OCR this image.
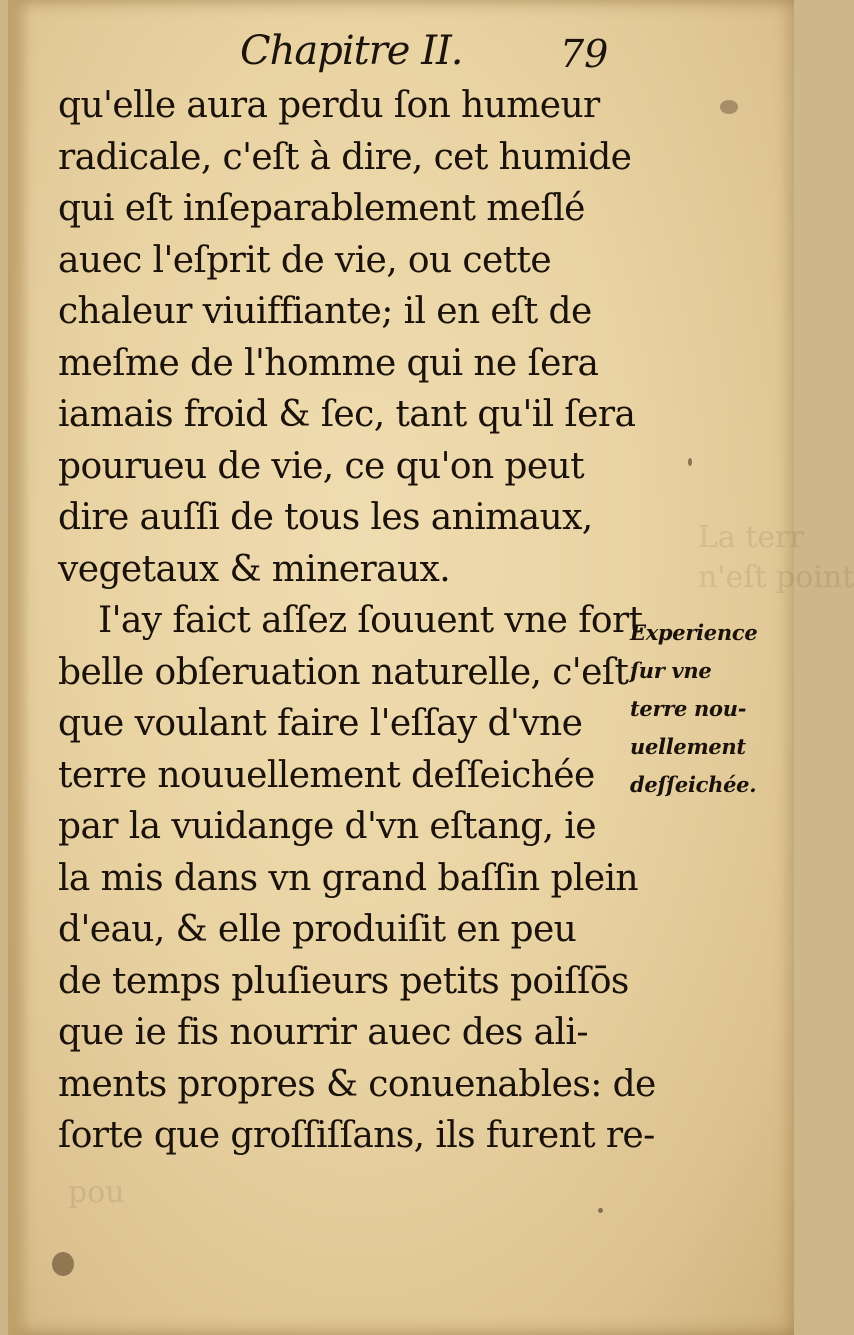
La terr
n'eſt point
pou
Chapitre II.	79
qu'elle aura perdu ſon humeur
radicale, c'eſt à dire, cet humide
qui eſt inſeparablement meſlé
auec l'eſprit de vie, ou cette
chaleur viuiffiante; il en eſt de
meſme de l'homme qui ne ſera
iamais froid & ſec, tant qu'il ſera
pourueu de vie, ce qu'on peut
dire auſſi de tous les animaux,
vegetaux & mineraux.
I'ay faict aſſez ſouuent vne fort
belle obſeruation naturelle, c'eſt
que voulant faire l'eſſay d'vne
terre nouuellement deſſeichée
par la vuidange d'vn eſtang, ie
la mis dans vn grand baſſin plein
d'eau, & elle produiſit en peu
de temps pluſieurs petits poiſſōs
que ie fis nourrir auec des ali-
ments propres & conuenables: de
ſorte que groſſiſſans, ils furent re-
Experience
ſur vne
terre nou-
uellement
deſſeichée.
